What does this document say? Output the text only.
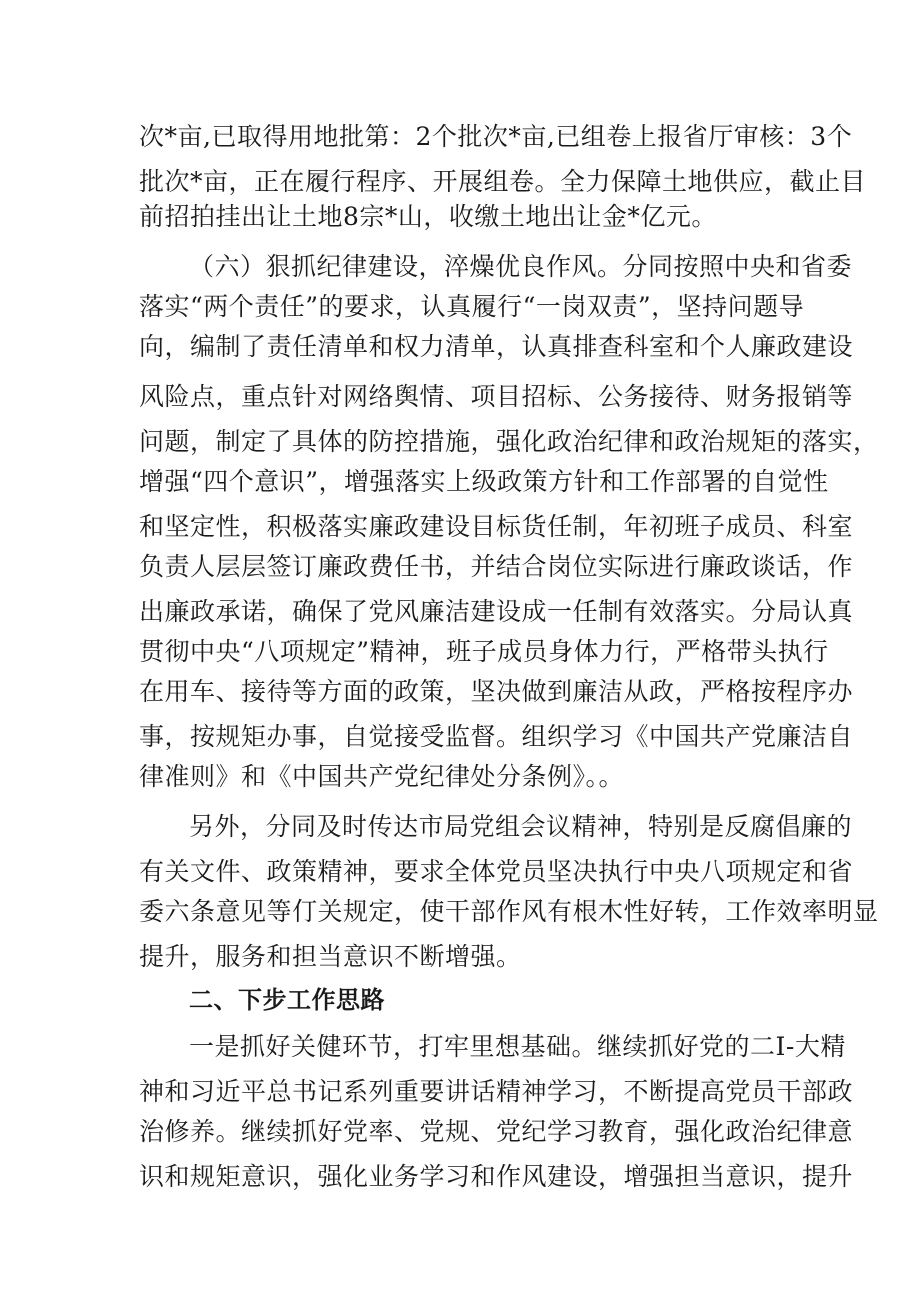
次*亩,已取得用地批第：2个批次*亩,已组卷上报省厅审核：3个
批次*亩，正在履行程序、开展组卷。全力保障土地供应，截止目
前招拍挂出让土地8宗*山，收缴土地出让金*亿元。
（六）狠抓纪律建设，淬燥优良作风。分同按照中央和省委
落实“两个责任”的要求，认真履行“一岗双责”，坚持问题导
向，编制了责任清单和权力清单，认真排查科室和个人廉政建设
风险点，重点针对网络舆情、项目招标、公务接待、财务报销等
问题，制定了具体的防控措施，强化政治纪律和政治规矩的落实，
增强“四个意识”，增强落实上级政策方针和工作部署的自觉性
和坚定性，积极落实廉政建设目标货任制，年初班子成员、科室
负责人层层签订廉政费任书，并结合岗位实际进行廉政谈话，作
出廉政承诺，确保了党风廉洁建设成一任制有效落实。分局认真
贯彻中央“八项规定”精神，班子成员身体力行，严格带头执行
在用车、接待等方面的政策，坚决做到廉洁从政，严格按程序办
事，按规矩办事，自觉接受监督。组织学习《中国共产党廉洁自
律准则》和《中国共产党纪律处分条例》。。
另外，分同及时传达市局党组会议精神，特别是反腐倡廉的
有关文件、政策精神，要求全体党员坚决执行中央八项规定和省
委六条意见等仃关规定，使干部作风有根木性好转，工作效率明显
提升，服务和担当意识不断增强。
二、下步工作思路
一是抓好关健环节，打牢里想基础。继续抓好党的二I-大精
神和习近平总书记系列重要讲话精神学习，不断提高党员干部政
治修养。继续抓好党率、党规、党纪学习教育，强化政治纪律意
识和规矩意识，强化业务学习和作风建设，增强担当意识，提升
